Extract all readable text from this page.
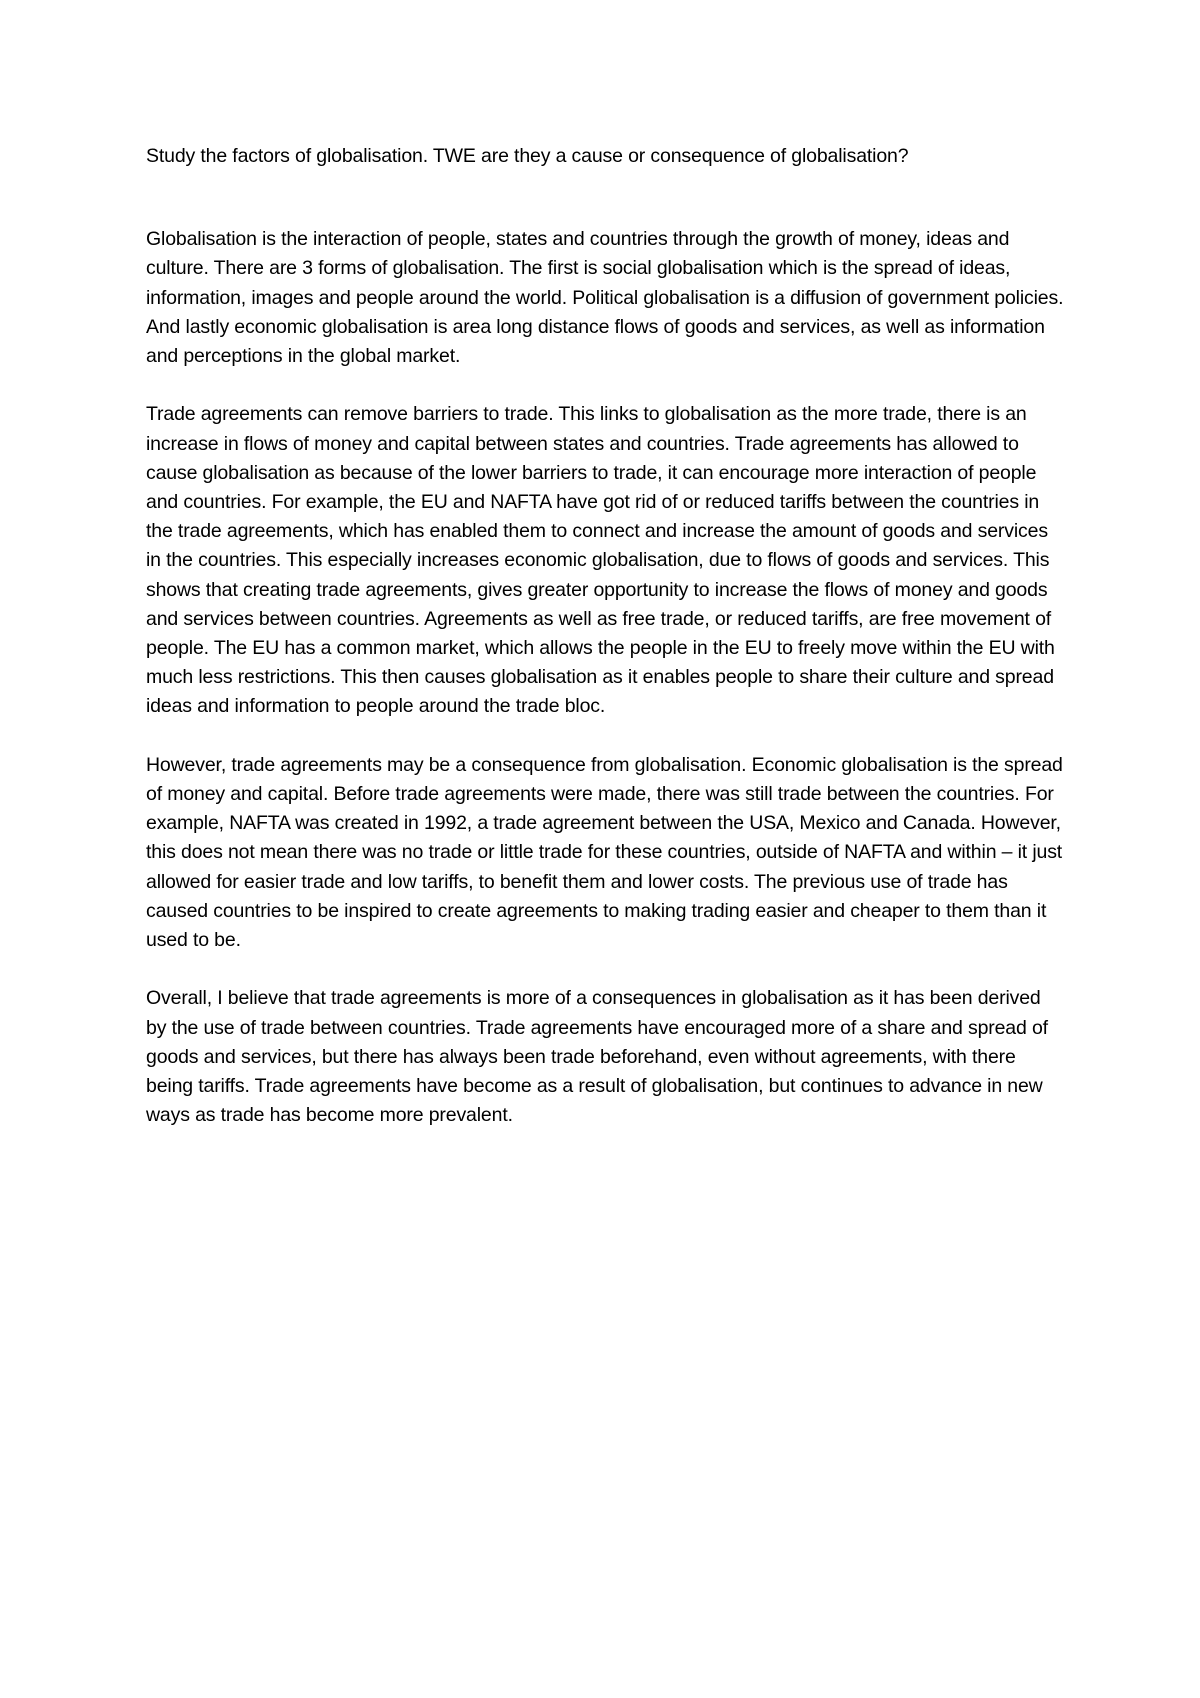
Study the factors of globalisation. TWE are they a cause or consequence of globalisation?

Globalisation is the interaction of people, states and countries through the growth of money, ideas and culture. There are 3 forms of globalisation. The first is social globalisation which is the spread of ideas, information, images and people around the world. Political globalisation is a diffusion of government policies. And lastly economic globalisation is area long distance flows of goods and services, as well as information and perceptions in the global market.

Trade agreements can remove barriers to trade. This links to globalisation as the more trade, there is an increase in flows of money and capital between states and countries. Trade agreements has allowed to cause globalisation as because of the lower barriers to trade, it can encourage more interaction of people and countries. For example, the EU and NAFTA have got rid of or reduced tariffs between the countries in the trade agreements, which has enabled them to connect and increase the amount of goods and services in the countries. This especially increases economic globalisation, due to flows of goods and services. This shows that creating trade agreements, gives greater opportunity to increase the flows of money and goods and services between countries. Agreements as well as free trade, or reduced tariffs, are free movement of people. The EU has a common market, which allows the people in the EU to freely move within the EU with much less restrictions. This then causes globalisation as it enables people to share their culture and spread ideas and information to people around the trade bloc.

However, trade agreements may be a consequence from globalisation. Economic globalisation is the spread of money and capital. Before trade agreements were made, there was still trade between the countries. For example, NAFTA was created in 1992, a trade agreement between the USA, Mexico and Canada. However, this does not mean there was no trade or little trade for these countries, outside of NAFTA and within – it just allowed for easier trade and low tariffs, to benefit them and lower costs. The previous use of trade has caused countries to be inspired to create agreements to making trading easier and cheaper to them than it used to be.

Overall, I believe that trade agreements is more of a consequences in globalisation as it has been derived by the use of trade between countries. Trade agreements have encouraged more of a share and spread of goods and services, but there has always been trade beforehand, even without agreements, with there being tariffs. Trade agreements have become as a result of globalisation, but continues to advance in new ways as trade has become more prevalent.
